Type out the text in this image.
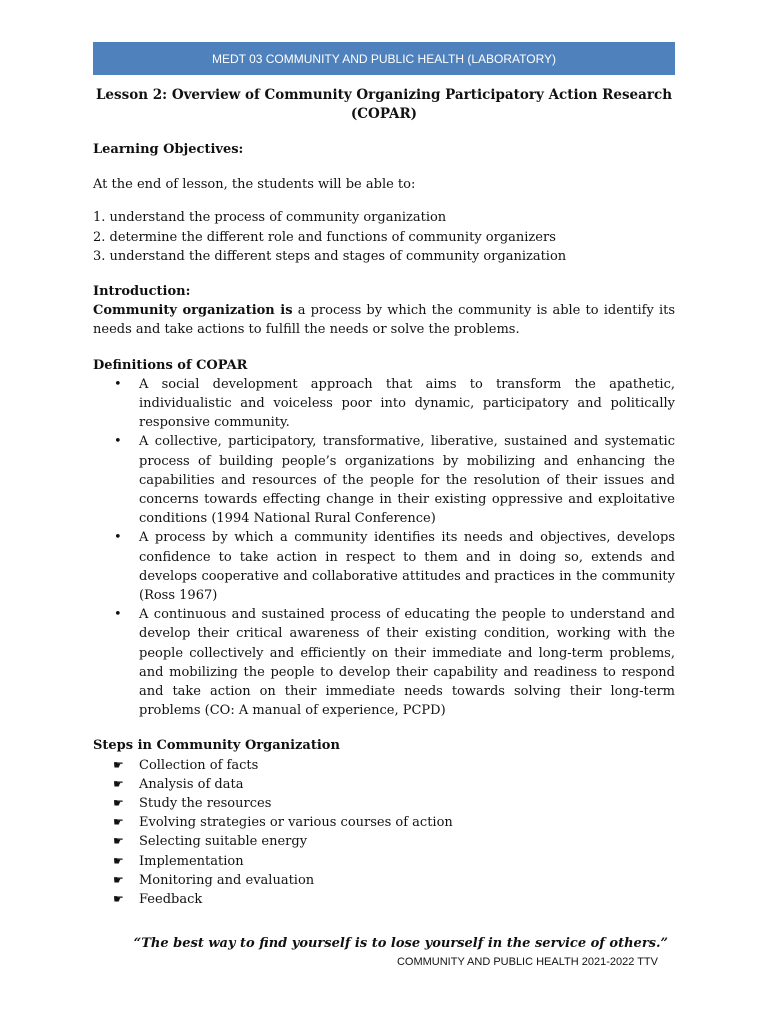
MEDT 03 COMMUNITY AND PUBLIC HEALTH (LABORATORY)
Lesson 2: Overview of Community Organizing Participatory Action Research
(COPAR)

Learning Objectives:

At the end of lesson, the students will be able to:

1. understand the process of community organization
2. determine the different role and functions of community organizers
3. understand the different steps and stages of community organization

Introduction:

Community organization is a process by which the community is able to identify its needs and take actions to fulfill the needs or solve the problems.

Definitions of COPAR

• A social development approach that aims to transform the apathetic, individualistic and voiceless poor into dynamic, participatory and politically responsive community.
• A collective, participatory, transformative, liberative, sustained and systematic process of building people’s organizations by mobilizing and enhancing the capabilities and resources of the people for the resolution of their issues and concerns towards effecting change in their existing oppressive and exploitative conditions (1994 National Rural Conference)
• A process by which a community identifies its needs and objectives, develops confidence to take action in respect to them and in doing so, extends and develops cooperative and collaborative attitudes and practices in the community (Ross 1967)
• A continuous and sustained process of educating the people to understand and develop their critical awareness of their existing condition, working with the people collectively and efficiently on their immediate and long-term problems, and mobilizing the people to develop their capability and readiness to respond and take action on their immediate needs towards solving their long-term problems (CO: A manual of experience, PCPD)

Steps in Community Organization

☛ Collection of facts
☛ Analysis of data
☛ Study the resources
☛ Evolving strategies or various courses of action
☛ Selecting suitable energy
☛ Implementation
☛ Monitoring and evaluation
☛ Feedback
“The best way to find yourself is to lose yourself in the service of others.”
COMMUNITY AND PUBLIC HEALTH 2021-2022 TTV
